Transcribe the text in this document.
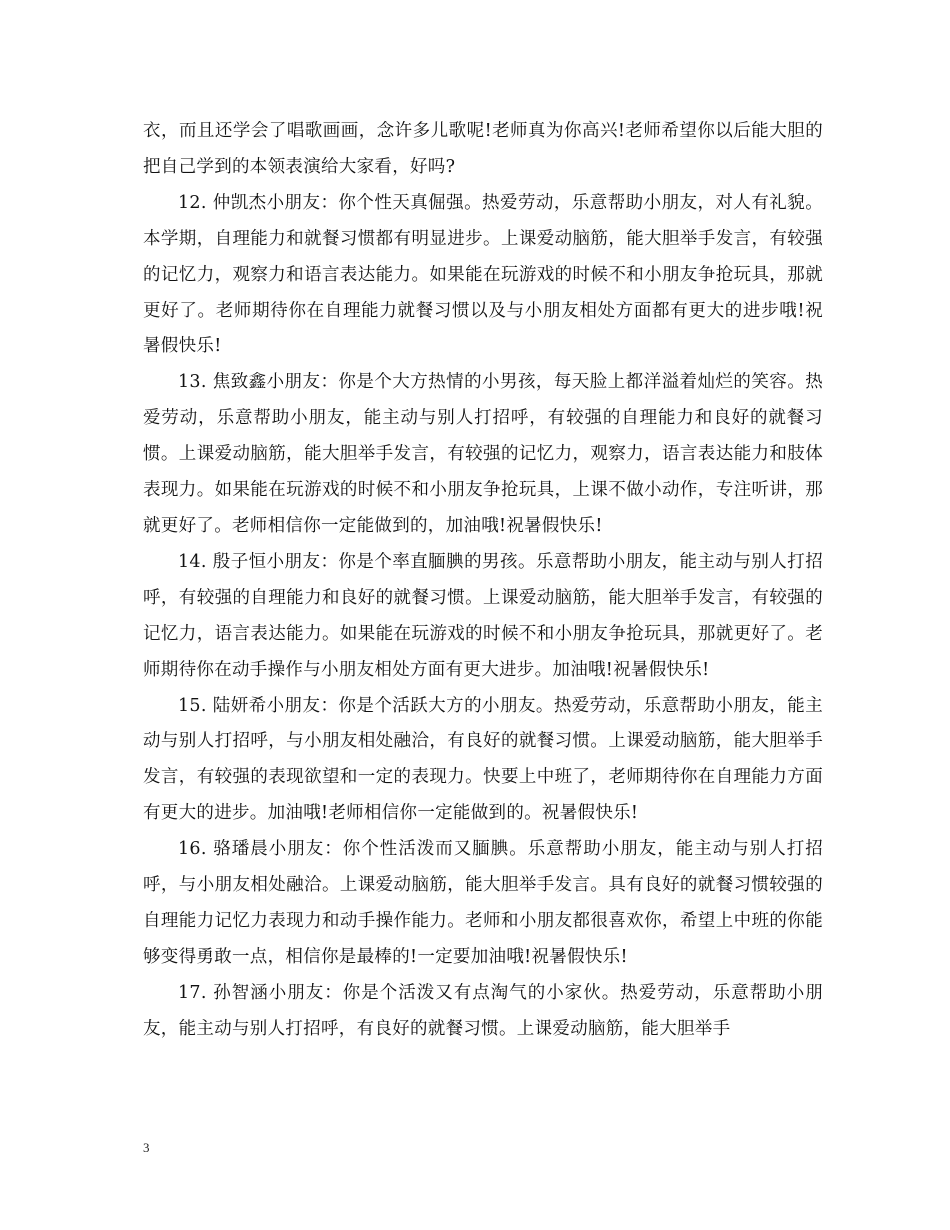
衣，而且还学会了唱歌画画，念许多儿歌呢!老师真为你高兴!老师希望你以后能大胆的把自己学到的本领表演给大家看，好吗?

12. 仲凯杰小朋友：你个性天真倔强。热爱劳动，乐意帮助小朋友，对人有礼貌。本学期，自理能力和就餐习惯都有明显进步。上课爱动脑筋，能大胆举手发言，有较强的记忆力，观察力和语言表达能力。如果能在玩游戏的时候不和小朋友争抢玩具，那就更好了。老师期待你在自理能力就餐习惯以及与小朋友相处方面都有更大的进步哦!祝暑假快乐!

13. 焦致鑫小朋友：你是个大方热情的小男孩，每天脸上都洋溢着灿烂的笑容。热爱劳动，乐意帮助小朋友，能主动与别人打招呼，有较强的自理能力和良好的就餐习惯。上课爱动脑筋，能大胆举手发言，有较强的记忆力，观察力，语言表达能力和肢体表现力。如果能在玩游戏的时候不和小朋友争抢玩具，上课不做小动作，专注听讲，那就更好了。老师相信你一定能做到的，加油哦!祝暑假快乐!

14. 殷子恒小朋友：你是个率直腼腆的男孩。乐意帮助小朋友，能主动与别人打招呼，有较强的自理能力和良好的就餐习惯。上课爱动脑筋，能大胆举手发言，有较强的记忆力，语言表达能力。如果能在玩游戏的时候不和小朋友争抢玩具，那就更好了。老师期待你在动手操作与小朋友相处方面有更大进步。加油哦!祝暑假快乐!

15. 陆妍希小朋友：你是个活跃大方的小朋友。热爱劳动，乐意帮助小朋友，能主动与别人打招呼，与小朋友相处融洽，有良好的就餐习惯。上课爱动脑筋，能大胆举手发言，有较强的表现欲望和一定的表现力。快要上中班了，老师期待你在自理能力方面有更大的进步。加油哦!老师相信你一定能做到的。祝暑假快乐!

16. 骆璠晨小朋友：你个性活泼而又腼腆。乐意帮助小朋友，能主动与别人打招呼，与小朋友相处融洽。上课爱动脑筋，能大胆举手发言。具有良好的就餐习惯较强的自理能力记忆力表现力和动手操作能力。老师和小朋友都很喜欢你，希望上中班的你能够变得勇敢一点，相信你是最棒的!一定要加油哦!祝暑假快乐!

17. 孙智涵小朋友：你是个活泼又有点淘气的小家伙。热爱劳动，乐意帮助小朋友，能主动与别人打招呼，有良好的就餐习惯。上课爱动脑筋，能大胆举手

3
